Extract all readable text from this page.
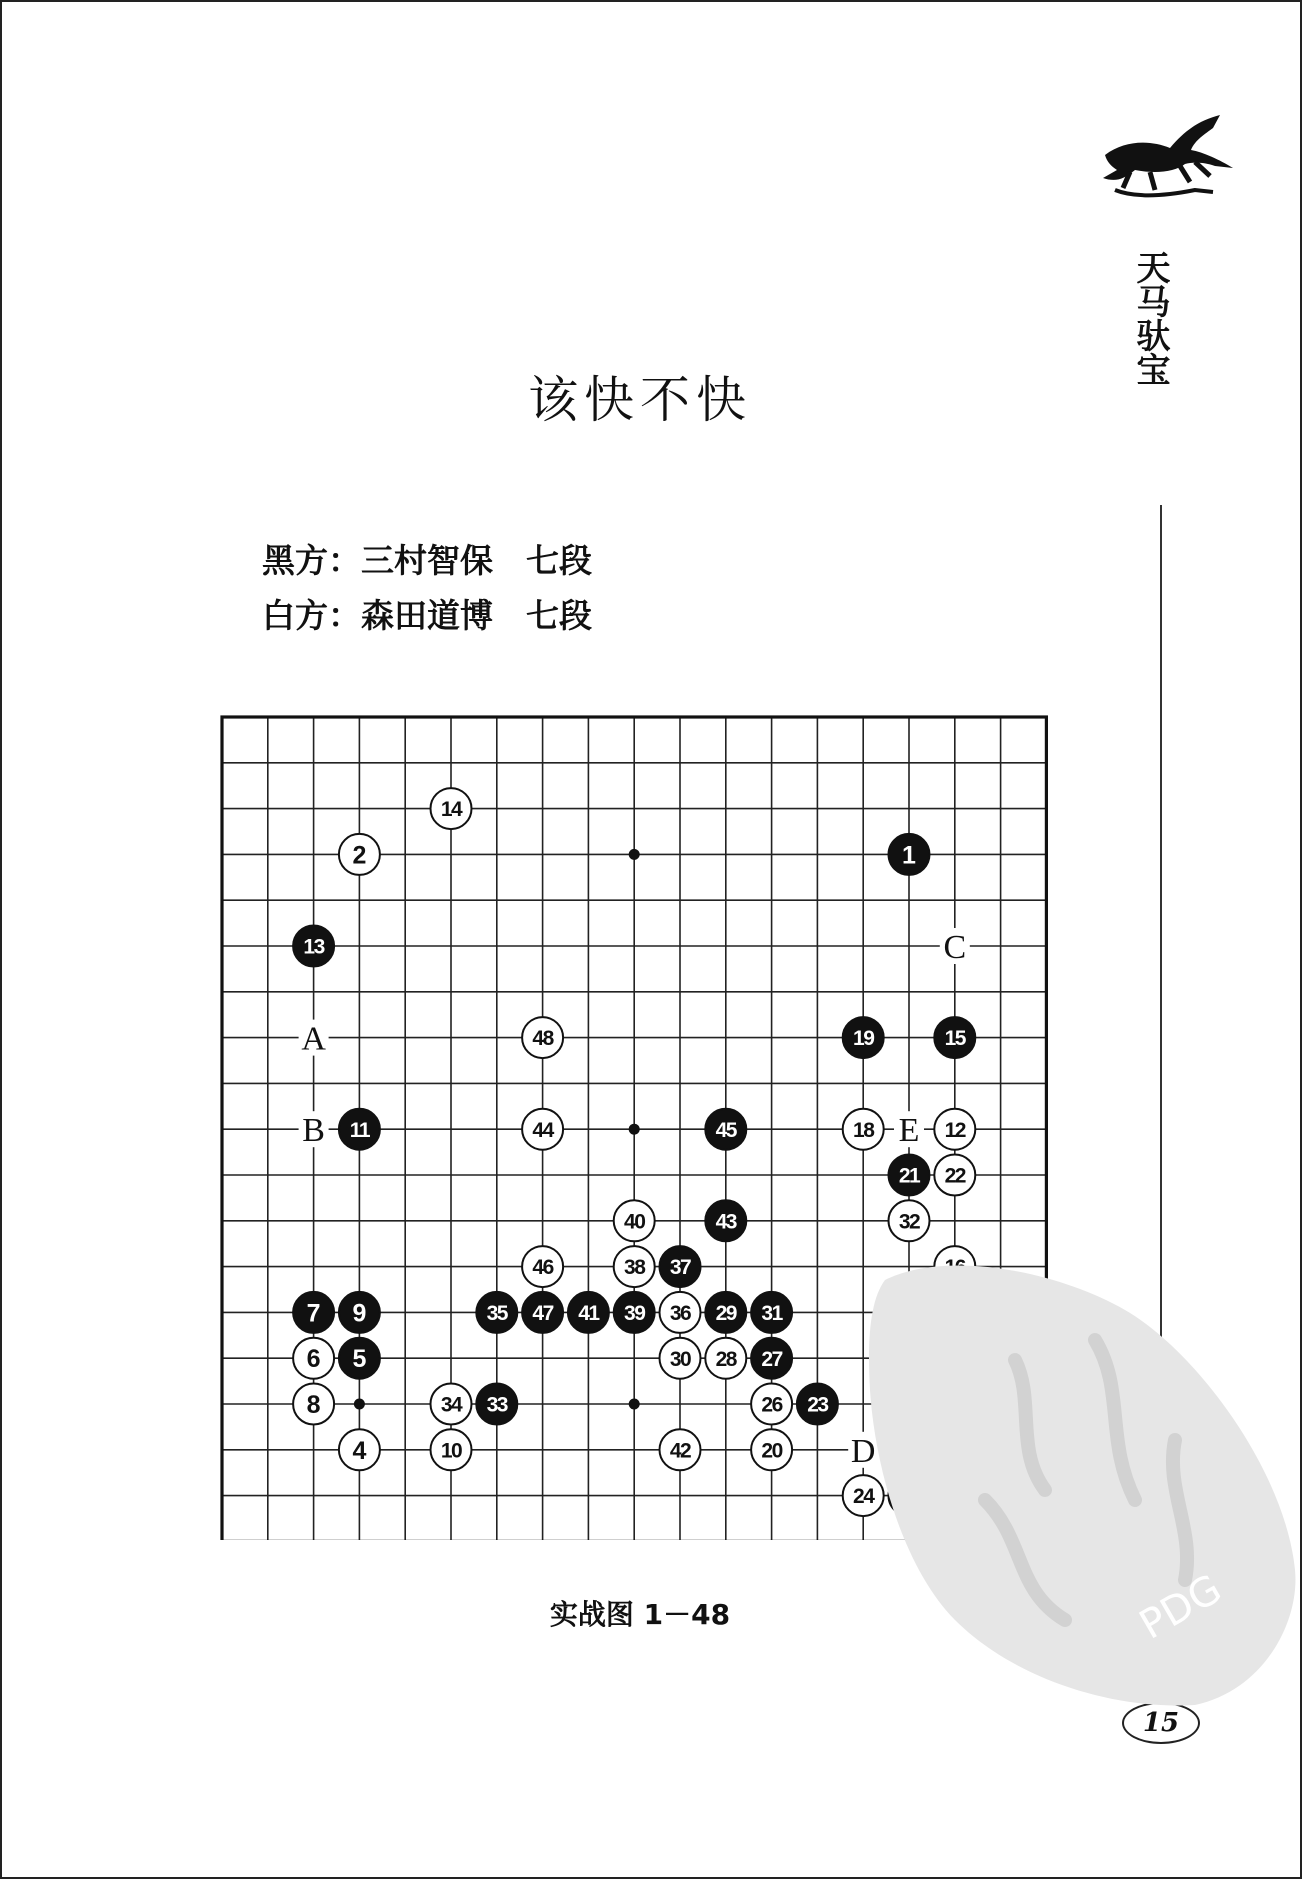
天马驮宝
15
该快不快
黑方：三村智保　七段
白方：森田道博　七段
A
B
C
D
E
1
2
4
5
6
7
8
9
10
11	12
13
14
15
18
19
20
21 22
23
24
26
27
28
29
30
31
32
33
34
35	36
37
38
39
40
41
42
43
44	45
46
47
48
实战图 1－48	PDG
